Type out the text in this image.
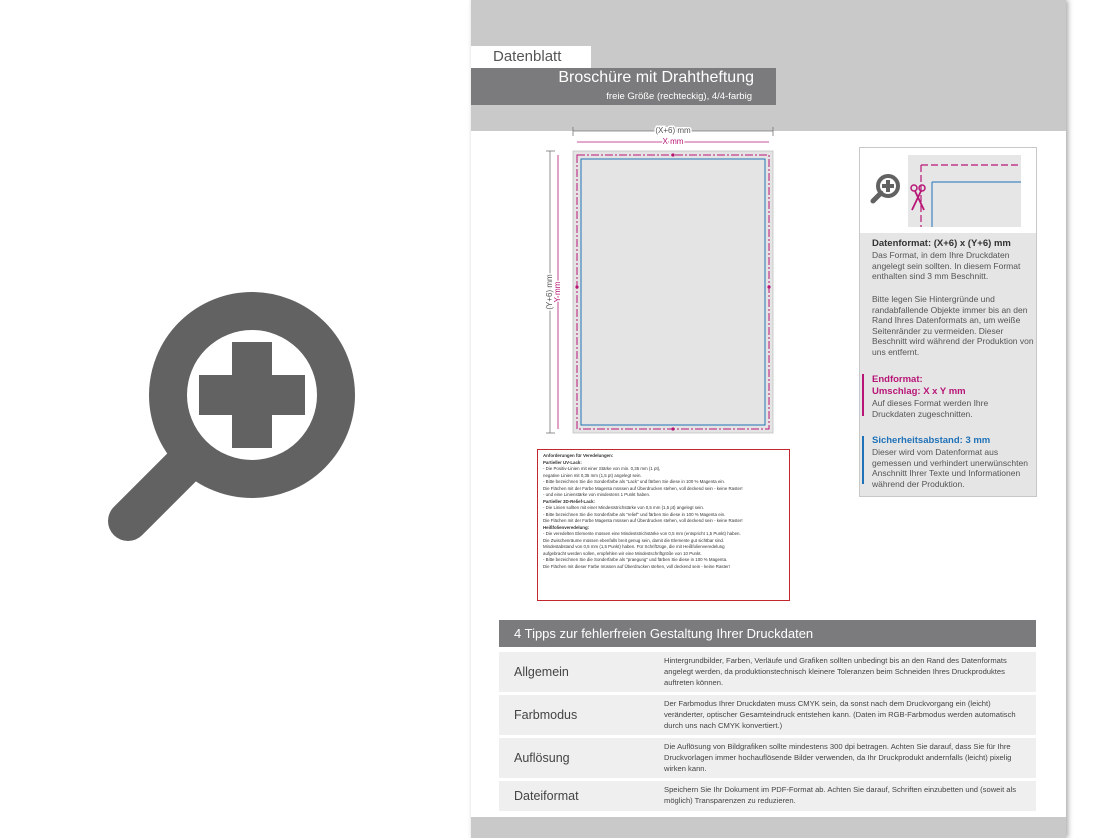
Datenblatt
Broschüre mit Drahtheftung
freie Größe (rechteckig), 4/4-farbig
(X+6) mm
X mm
(Y+6) mm Y mm

Anforderungen für Veredelungen:

Partieller UV-Lack:

- Die Positiv-Linien mit einer Stärke von min. 0,35 mm (1 pt),

negative Linien mit 0,35 mm (1,5 pt) angelegt sein.

- Bitte bezeichnen Sie die Sonderfarbe als "Lack" und färben Sie diese in 100 % Magenta ein.

Die Flächen mit der Farbe Magenta müssen auf Überdrucken stehen, voll deckend sein - keine Raster!

- und eine Linienstärke von mindestens 1 Punkt haben.

Partieller 3D-Relief-Lack:

- Die Linien sollten mit einer Mindeststrichstärke von 0,5 mm (1,5 pt) angelegt sein.

- Bitte bezeichnen Sie die Sonderfarbe als "relief" und färben Sie diese in 100 % Magenta ein.

Die Flächen mit der Farbe Magenta müssen auf Überdrucken stehen, voll deckend sein - keine Raster!

Heißfolienveredelung:

- Die veredelten Elemente müssen eine Mindeststrichstärke von 0,5 mm (entspricht 1,5 Punkt) haben.

Die Zwischenräume müssen ebenfalls breit genug sein, damit die Elemente gut sichtbar sind.

Mindestabstand von 0,5 mm (1,5 Punkt) haben. Für Schriftzüge, die mit Heißfolienveredelung

aufgebracht werden sollen, empfehlen wir eine Mindestschriftgröße von 10 Punkt.

- Bitte bezeichnen Sie die Sonderfarbe als "praegung" und färben Sie diese in 100 % Magenta.

Die Flächen mit dieser Farbe müssen auf Überdrucken stehen, voll deckend sein - keine Raster!

Datenformat: (X+6) x (Y+6) mm
Das Format, in dem Ihre Druckdaten angelegt sein sollten. In diesem Format enthalten sind 3 mm Beschnitt.
Bitte legen Sie Hintergründe und randabfallende Objekte immer bis an den Rand Ihres Datenformats an, um weiße Seitenränder zu vermeiden. Dieser Beschnitt wird während der Produktion von uns entfernt.
Endformat:
Umschlag: X x Y mm
Auf dieses Format werden Ihre Druckdaten zugeschnitten.
Sicherheitsabstand: 3 mm
Dieser wird vom Datenformat aus gemessen und verhindert unerwünschten Anschnitt Ihrer Texte und Informationen während der Produktion.
4 Tipps zur fehlerfreien Gestaltung Ihrer Druckdaten
Allgemein
Hintergrundbilder, Farben, Verläufe und Grafiken sollten unbedingt bis an den Rand des Datenformats angelegt werden, da produktionstechnisch kleinere Toleranzen beim Schneiden Ihres Druckproduktes auftreten können.
Farbmodus
Der Farbmodus Ihrer Druckdaten muss CMYK sein, da sonst nach dem Druckvorgang ein (leicht) veränderter, optischer Gesamteindruck entstehen kann. (Daten im RGB-Farbmodus werden automatisch durch uns nach CMYK konvertiert.)
Auflösung
Die Auflösung von Bildgrafiken sollte mindestens 300 dpi betragen. Achten Sie darauf, dass Sie für Ihre Druckvorlagen immer hochauflösende Bilder verwenden, da Ihr Druckprodukt andernfalls (leicht) pixelig wirken kann.
Dateiformat	Speichern Sie Ihr Dokument im PDF-Format ab. Achten Sie darauf, Schriften einzubetten und (soweit als möglich) Transparenzen zu reduzieren.
